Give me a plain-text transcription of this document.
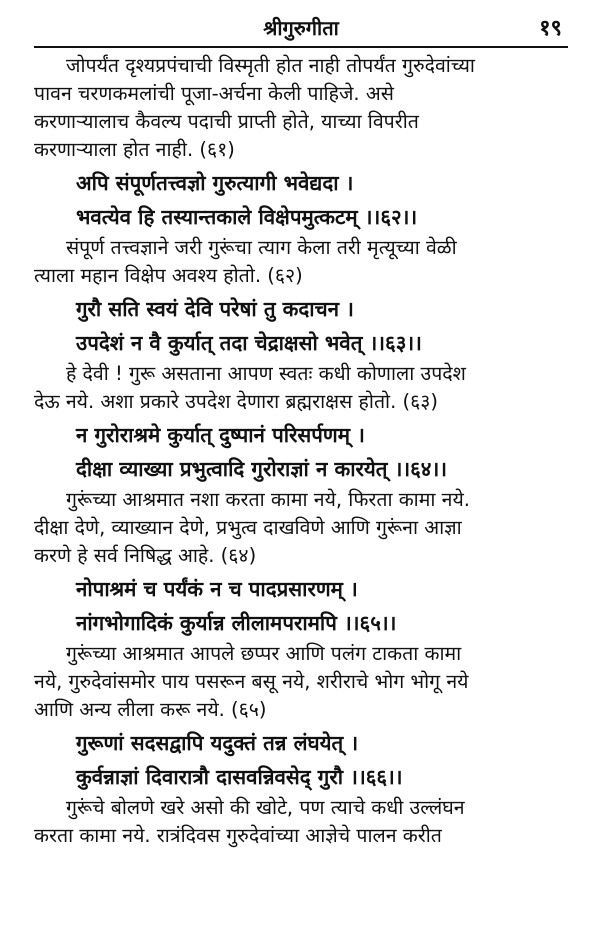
श्रीगुरुगीता	१९
जोपर्यंत दृश्यप्रपंचाची विस्मृती होत नाही तोपर्यंत गुरुदेवांच्या
पावन चरणकमलांची पूजा-अर्चना केली पाहिजे. असे
करणाऱ्यालाच कैवल्य पदाची प्राप्ती होते, याच्या विपरीत
करणाऱ्याला होत नाही. (६१)
अपि संपूर्णतत्त्वज्ञो गुरुत्यागी भवेद्यदा ।
भवत्येव हि तस्यान्तकाले विक्षेपमुत्कटम् ।।६२।।
संपूर्ण तत्त्वज्ञाने जरी गुरूंचा त्याग केला तरी मृत्यूच्या वेळी
त्याला महान विक्षेप अवश्य होतो. (६२)
गुरौ सति स्वयं देवि परेषां तु कदाचन ।
उपदेशं न वै कुर्यात् तदा चेद्राक्षसो भवेत् ।।६३।।
हे देवी ! गुरू असताना आपण स्वतः कधी कोणाला उपदेश
देऊ नये. अशा प्रकारे उपदेश देणारा ब्रह्मराक्षस होतो. (६३)
न गुरोराश्रमे कुर्यात् दुष्पानं परिसर्पणम् ।
दीक्षा व्याख्या प्रभुत्वादि गुरोराज्ञां न कारयेत् ।।६४।।
गुरूंच्या आश्रमात नशा करता कामा नये, फिरता कामा नये.
दीक्षा देणे, व्याख्यान देणे, प्रभुत्व दाखविणे आणि गुरूंना आज्ञा
करणे हे सर्व निषिद्ध आहे. (६४)
नोपाश्रमं च पर्यंकं न च पादप्रसारणम् ।
नांगभोगादिकं कुर्यान्न लीलामपरामपि ।।६५।।
गुरूंच्या आश्रमात आपले छप्पर आणि पलंग टाकता कामा
नये, गुरुदेवांसमोर पाय पसरून बसू नये, शरीराचे भोग भोगू नये
आणि अन्य लीला करू नये. (६५)
गुरूणां सदसद्वापि यदुक्तं तन्न लंघयेत् ।
कुर्वन्नाज्ञां दिवारात्रौ दासवन्निवसेद् गुरौ ।।६६।।
गुरूंचे बोलणे खरे असो की खोटे, पण त्याचे कधी उल्लंघन
करता कामा नये. रात्रंदिवस गुरुदेवांच्या आज्ञेचे पालन करीत
